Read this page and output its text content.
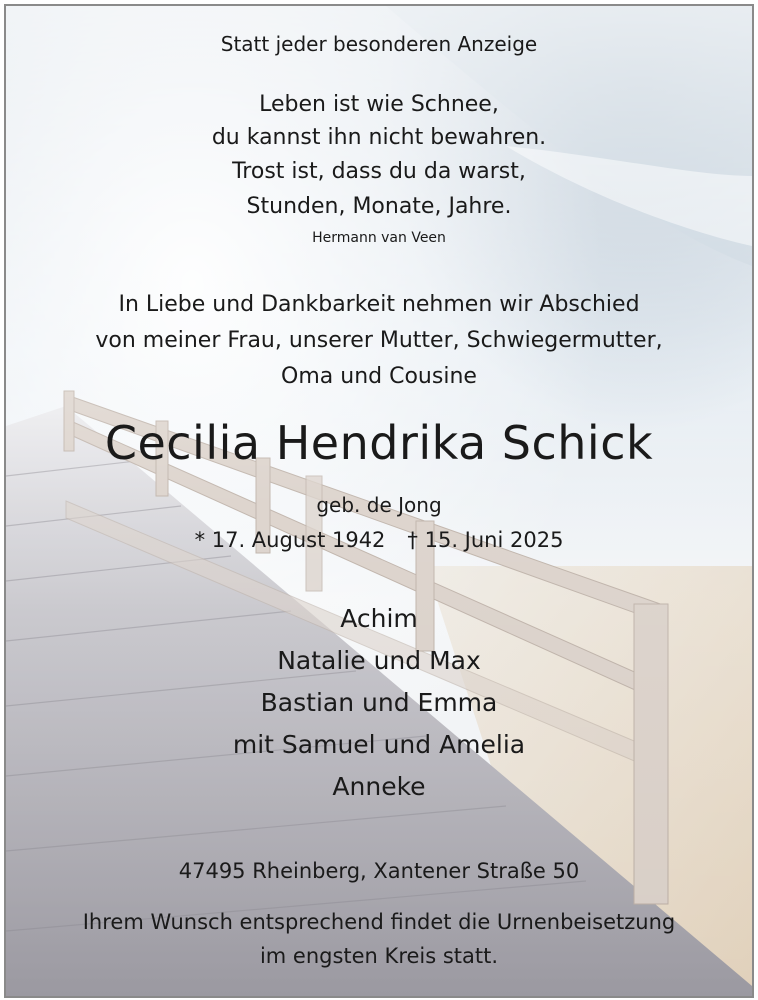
Statt jeder besonderen Anzeige
Leben ist wie Schnee,
du kannst ihn nicht bewahren.
Trost ist, dass du da warst,
Stunden, Monate, Jahre.
Hermann van Veen
In Liebe und Dankbarkeit nehmen wir Abschied
von meiner Frau, unserer Mutter, Schwiegermutter,
Oma und Cousine
Cecilia Hendrika Schick
geb. de Jong
* 17. August 1942 † 15. Juni 2025
Achim
Natalie und Max
Bastian und Emma
mit Samuel und Amelia
Anneke
47495 Rheinberg, Xantener Straße 50
Ihrem Wunsch entsprechend findet die Urnenbeisetzung
im engsten Kreis statt.
